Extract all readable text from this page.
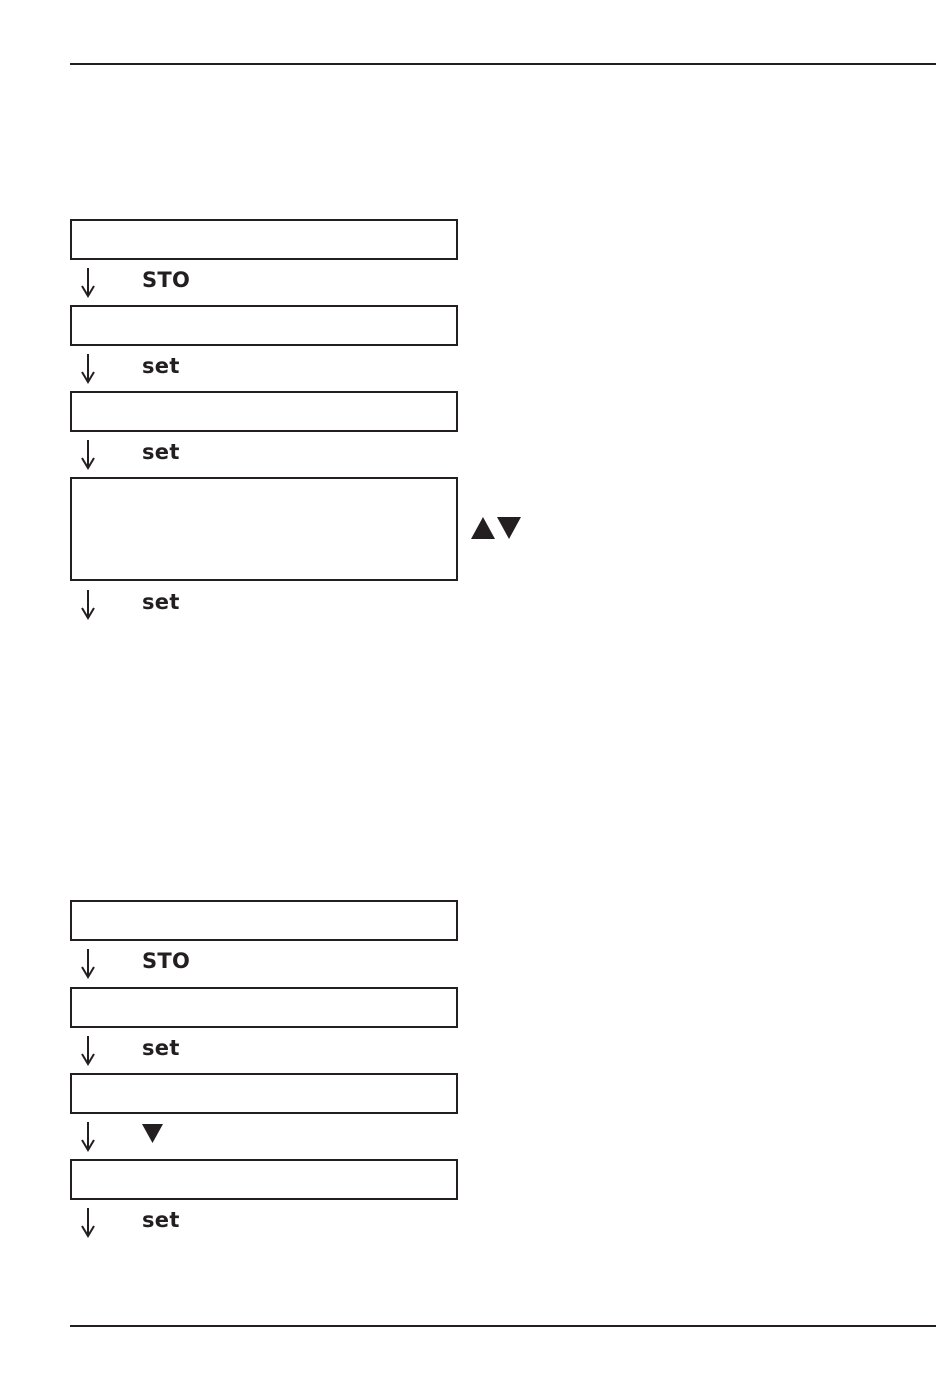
STO
set
set
set
STO
set
set
